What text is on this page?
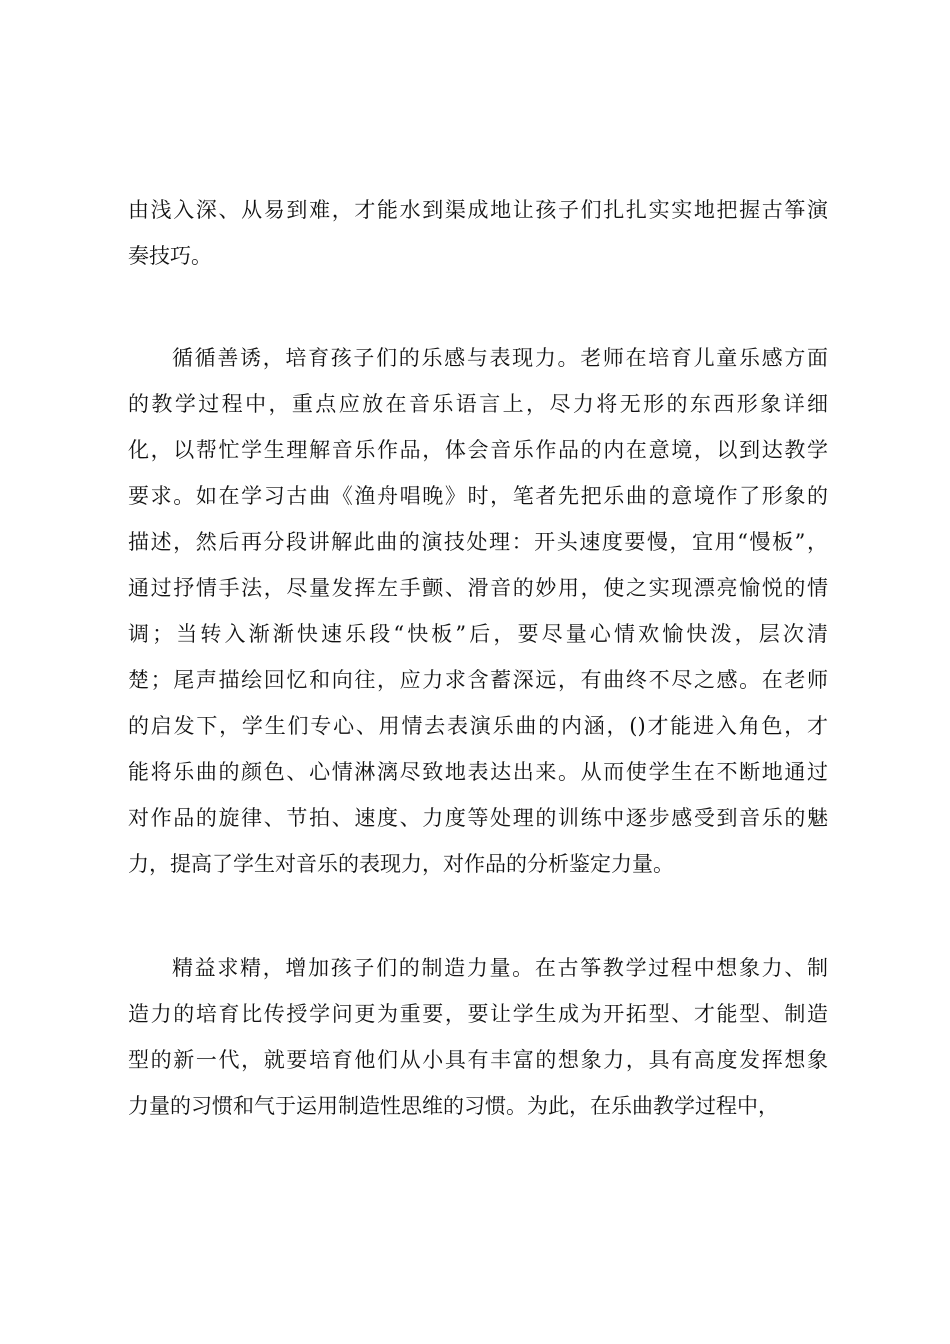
由浅入深、从易到难，才能水到渠成地让孩子们扎扎实实地把握古筝演

奏技巧。

循循善诱，培育孩子们的乐感与表现力。老师在培育儿童乐感方面

的教学过程中，重点应放在音乐语言上，尽力将无形的东西形象详细

化，以帮忙学生理解音乐作品，体会音乐作品的内在意境，以到达教学

要求。如在学习古曲《渔舟唱晚》时，笔者先把乐曲的意境作了形象的

描述，然后再分段讲解此曲的演技处理：开头速度要慢，宜用“慢板”，

通过抒情手法，尽量发挥左手颤、滑音的妙用，使之实现漂亮愉悦的情

调；当转入渐渐快速乐段“快板”后，要尽量心情欢愉快泼，层次清

楚；尾声描绘回忆和向往，应力求含蓄深远，有曲终不尽之感。在老师

的启发下，学生们专心、用情去表演乐曲的内涵，()才能进入角色，才

能将乐曲的颜色、心情淋漓尽致地表达出来。从而使学生在不断地通过

对作品的旋律、节拍、速度、力度等处理的训练中逐步感受到音乐的魅

力，提高了学生对音乐的表现力，对作品的分析鉴定力量。

精益求精，增加孩子们的制造力量。在古筝教学过程中想象力、制

造力的培育比传授学问更为重要，要让学生成为开拓型、才能型、制造

型的新一代，就要培育他们从小具有丰富的想象力，具有高度发挥想象

力量的习惯和气于运用制造性思维的习惯。为此，在乐曲教学过程中，
